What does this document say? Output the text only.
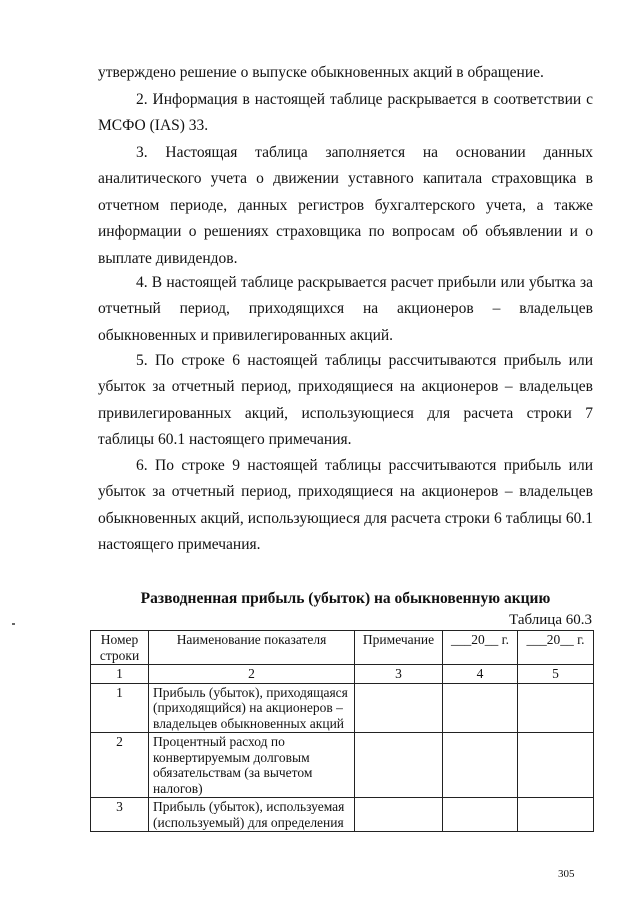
утверждено решение о выпуске обыкновенных акций в обращение.

2. Информация в настоящей таблице раскрывается в соответствии с МСФО (IAS) 33.

3. Настоящая таблица заполняется на основании данных аналитического учета о движении уставного капитала страховщика в отчетном периоде, данных регистров бухгалтерского учета, а также информации о решениях страховщика по вопросам об объявлении и о выплате дивидендов.

4. В настоящей таблице раскрывается расчет прибыли или убытка за отчетный период, приходящихся на акционеров – владельцев обыкновенных и привилегированных акций.

5. По строке 6 настоящей таблицы рассчитываются прибыль или убыток за отчетный период, приходящиеся на акционеров – владельцев привилегированных акций, использующиеся для расчета строки 7 таблицы 60.1 настоящего примечания.

6. По строке 9 настоящей таблицы рассчитываются прибыль или убыток за отчетный период, приходящиеся на акционеров – владельцев обыкновенных акций, использующиеся для расчета строки 6 таблицы 60.1 настоящего примечания.

Разводненная прибыль (убыток) на обыкновенную акцию

Таблица 60.3

Номер строки	Наименование показателя	Примечание	___20__ г.	___20__ г.
1	2	3	4	5
1	Прибыль (убыток), приходящаяся (приходящийся) на акционеров – владельцев обыкновенных акций			
2	Процентный расход по конвертируемым долговым обязательствам (за вычетом налогов)			
3	Прибыль (убыток), используемая (используемый) для определения			

305
